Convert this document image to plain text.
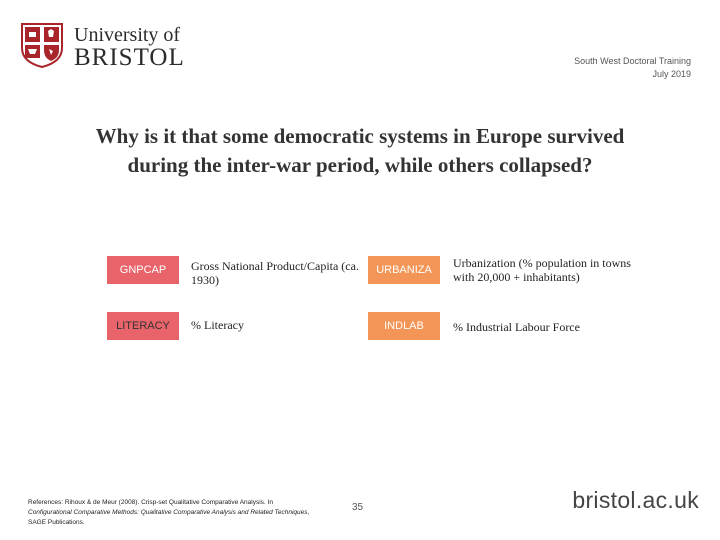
University of
BRISTOL	South West Doctoral Training
July 2019
Why is it that some democratic systems in Europe survived during the inter-war period, while others collapsed?
GNPCAP	Gross National Product/Capita (ca. 1930)
LITERACY	% Literacy
URBANIZA	Urbanization (% population in towns with 20,000 + inhabitants)
INDLAB	% Industrial Labour Force
References: Rihoux & de Meur (2008). Crisp-set Qualitative Comparative Analysis. In Configurational Comparative Methods: Qualitative Comparative Analysis and Related Techniques, SAGE Publications.
35	bristol.ac.uk
